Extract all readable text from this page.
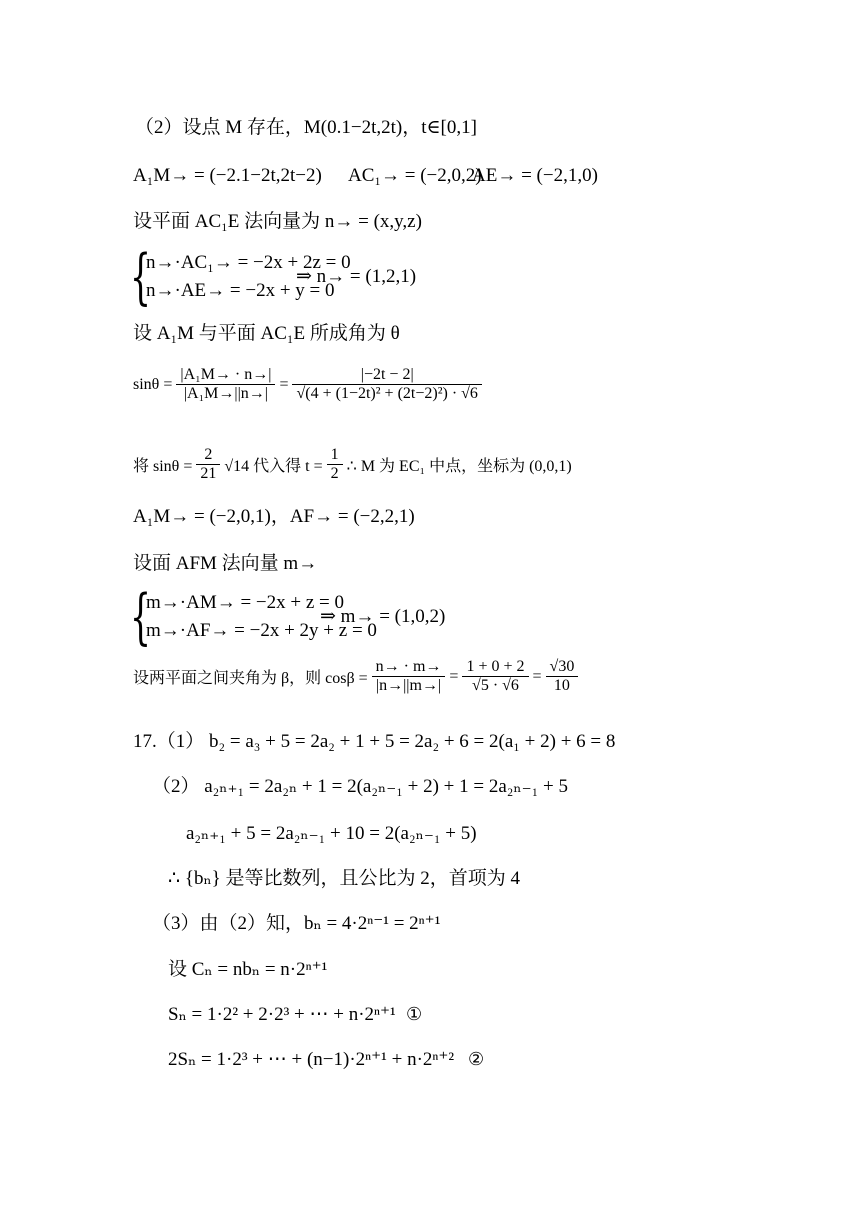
（2）设点 M 存在，M(0.1−2t,2t)，t∈[0,1]
A₁M→ = (−2.1−2t,2t−2) AC₁→ = (−2,0,2)
AE→ = (−2,1,0)
设平面 AC₁E 法向量为 n→ = (x,y,z)
{
n→·AC₁→ = −2x + 2z = 0
n→·AE→ = −2x + y = 0
⇒ n→ = (1,2,1)
设 A₁M 与平面 AC₁E 所成角为 θ
$\sin\theta = \frac{\text{|A₁M→ · n→|}}{\text{|A₁M→||n→|}} = \frac{|-2t - 2|}{\text{√(4 + (1−2t)² + (2t−2)²) · √6}}$
将 $\sin\theta = \frac{2}{21} √14$ 代入得 $t = \frac{1}{2}$ ∴ M 为 EC₁ 中点，坐标为 (0,0,1)
A₁M→ = (−2,0,1)，AF→ = (−2,2,1)
设面 AFM 法向量 m→
{
m→·AM→ = −2x + z = 0
m→·AF→ = −2x + 2y + z = 0
⇒ m→ = (1,0,2)
设两平面之间夹角为 β，则 $\cos\beta = \frac{n\to \cdot m\to}{|n\to||m\to|} = \frac{1 + 0 + 2}{√5 \cdot √6} = \frac{√30}{10}$
17.（1） b₂ = a₃ + 5 = 2a₂ + 1 + 5 = 2a₂ + 6 = 2(a₁ + 2) + 6 = 8
（2） a₂ₙ₊₁ = 2a₂ₙ + 1 = 2(a₂ₙ₋₁ + 2) + 1 = 2a₂ₙ₋₁ + 5
a₂ₙ₊₁ + 5 = 2a₂ₙ₋₁ + 10 = 2(a₂ₙ₋₁ + 5)
∴ {bₙ} 是等比数列，且公比为 2，首项为 4
（3）由（2）知，bₙ = 4·2ⁿ⁻¹ = 2ⁿ⁺¹
设 Cₙ = nbₙ = n·2ⁿ⁺¹
Sₙ = 1·2² + 2·2³ + ⋯ + n·2ⁿ⁺¹ ①
2Sₙ = 1·2³ + ⋯ + (n−1)·2ⁿ⁺¹ + n·2ⁿ⁺² ②
